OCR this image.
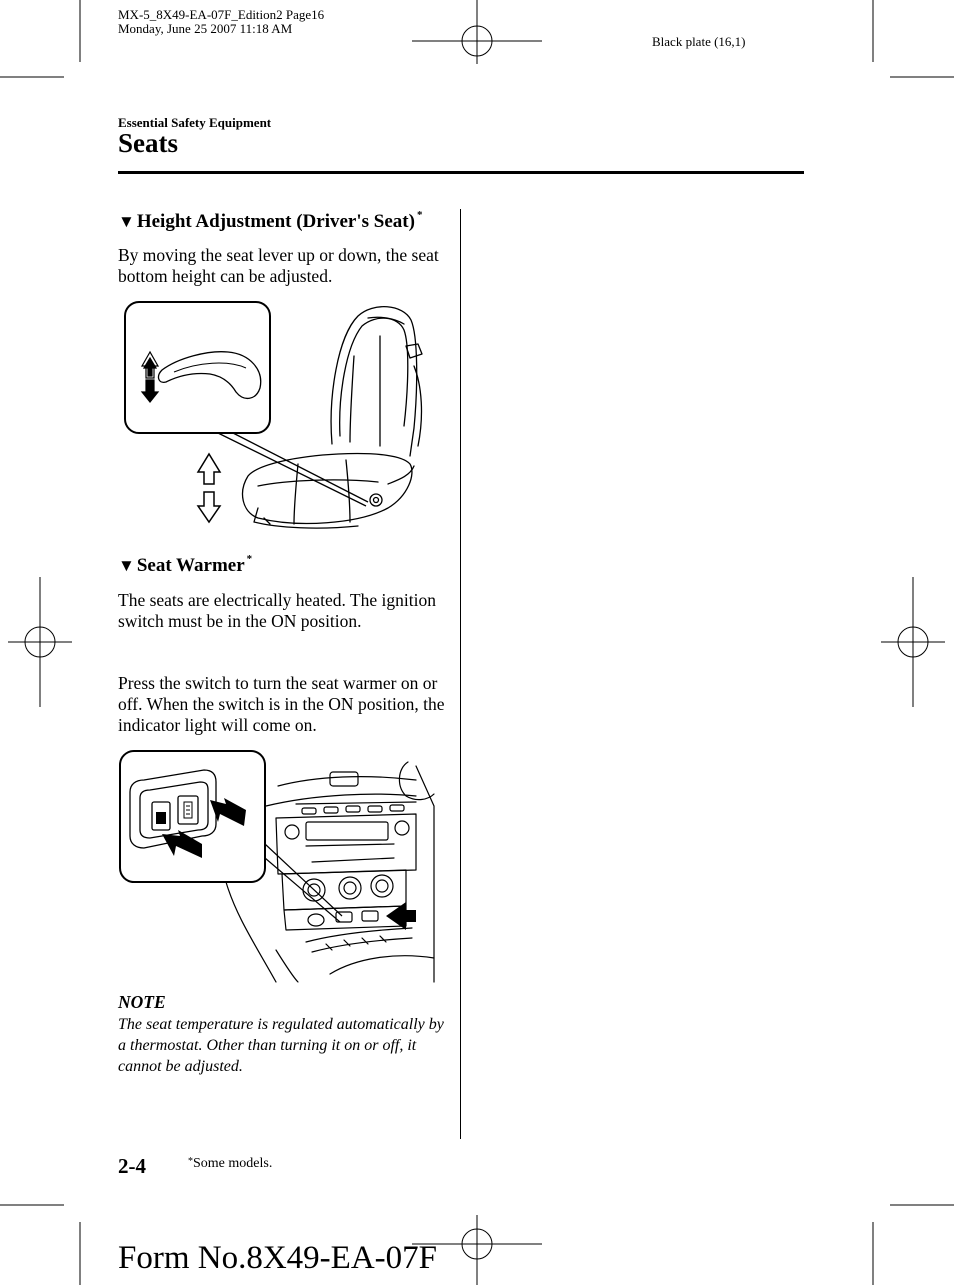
MX-5_8X49-EA-07F_Edition2 Page16
Monday, June 25 2007 11:18 AM
Black plate (16,1)
Essential Safety Equipment
Seats
▼ Height Adjustment (Driver's Seat) *

By moving the seat lever up or down, the seat bottom height can be adjusted.

▼ Seat Warmer *

The seats are electrically heated. The ignition switch must be in the ON position.

Press the switch to turn the seat warmer on or off. When the switch is in the ON position, the indicator light will come on.

NOTE

The seat temperature is regulated automatically by a thermostat. Other than turning it on or off, it cannot be adjusted.

2-4	*Some models.
Form No.8X49-EA-07F
